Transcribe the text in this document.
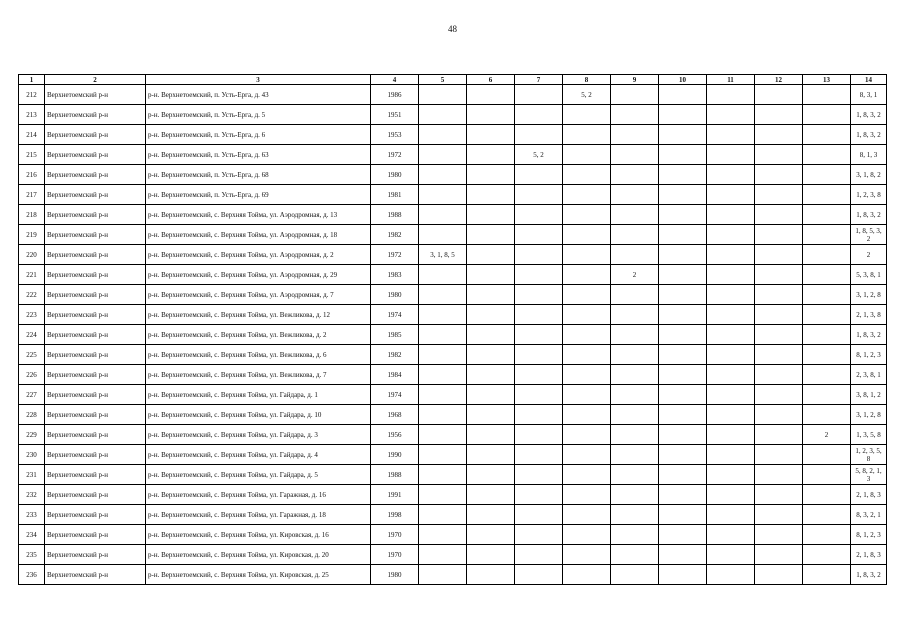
48
1	2	3	4	5	6	7	8	9	10	11	12	13	14
212	Верхнетоемский р-н	р-н. Верхнетоемский, п. Усть-Ерга, д. 43	1986				5, 2						8, 3, 1
213	Верхнетоемский р-н	р-н. Верхнетоемский, п. Усть-Ерга, д. 5	1951										1, 8, 3, 2
214	Верхнетоемский р-н	р-н. Верхнетоемский, п. Усть-Ерга, д. 6	1953										1, 8, 3, 2
215	Верхнетоемский р-н	р-н. Верхнетоемский, п. Усть-Ерга, д. 63	1972			5, 2							8, 1, 3
216	Верхнетоемский р-н	р-н. Верхнетоемский, п. Усть-Ерга, д. 68	1980										3, 1, 8, 2
217	Верхнетоемский р-н	р-н. Верхнетоемский, п. Усть-Ерга, д. 69	1981										1, 2, 3, 8
218	Верхнетоемский р-н	р-н. Верхнетоемский, с. Верхняя Тойма, ул. Аэродромная, д. 13	1988										1, 8, 3, 2
219	Верхнетоемский р-н	р-н. Верхнетоемский, с. Верхняя Тойма, ул. Аэродромная, д. 18	1982										1, 8, 5, 3, 2
220	Верхнетоемский р-н	р-н. Верхнетоемский, с. Верхняя Тойма, ул. Аэродромная, д. 2	1972	3, 1, 8, 5									2
221	Верхнетоемский р-н	р-н. Верхнетоемский, с. Верхняя Тойма, ул. Аэродромная, д. 29	1983					2					5, 3, 8, 1
222	Верхнетоемский р-н	р-н. Верхнетоемский, с. Верхняя Тойма, ул. Аэродромная, д. 7	1980										3, 1, 2, 8
223	Верхнетоемский р-н	р-н. Верхнетоемский, с. Верхняя Тойма, ул. Вежликова, д. 12	1974										2, 1, 3, 8
224	Верхнетоемский р-н	р-н. Верхнетоемский, с. Верхняя Тойма, ул. Вежликова, д. 2	1985										1, 8, 3, 2
225	Верхнетоемский р-н	р-н. Верхнетоемский, с. Верхняя Тойма, ул. Вежликова, д. 6	1982										8, 1, 2, 3
226	Верхнетоемский р-н	р-н. Верхнетоемский, с. Верхняя Тойма, ул. Вежликова, д. 7	1984										2, 3, 8, 1
227	Верхнетоемский р-н	р-н. Верхнетоемский, с. Верхняя Тойма, ул. Гайдара, д. 1	1974										3, 8, 1, 2
228	Верхнетоемский р-н	р-н. Верхнетоемский, с. Верхняя Тойма, ул. Гайдара, д. 10	1968										3, 1, 2, 8
229	Верхнетоемский р-н	р-н. Верхнетоемский, с. Верхняя Тойма, ул. Гайдара, д. 3	1956									2	1, 3, 5, 8
230	Верхнетоемский р-н	р-н. Верхнетоемский, с. Верхняя Тойма, ул. Гайдара, д. 4	1990										1, 2, 3, 5, 8
231	Верхнетоемский р-н	р-н. Верхнетоемский, с. Верхняя Тойма, ул. Гайдара, д. 5	1988										5, 8, 2, 1, 3
232	Верхнетоемский р-н	р-н. Верхнетоемский, с. Верхняя Тойма, ул. Гаражная, д. 16	1991										2, 1, 8, 3
233	Верхнетоемский р-н	р-н. Верхнетоемский, с. Верхняя Тойма, ул. Гаражная, д. 18	1998										8, 3, 2, 1
234	Верхнетоемский р-н	р-н. Верхнетоемский, с. Верхняя Тойма, ул. Кировская, д. 16	1970										8, 1, 2, 3
235	Верхнетоемский р-н	р-н. Верхнетоемский, с. Верхняя Тойма, ул. Кировская, д. 20	1970										2, 1, 8, 3
236	Верхнетоемский р-н	р-н. Верхнетоемский, с. Верхняя Тойма, ул. Кировская, д. 25	1980										1, 8, 3, 2
